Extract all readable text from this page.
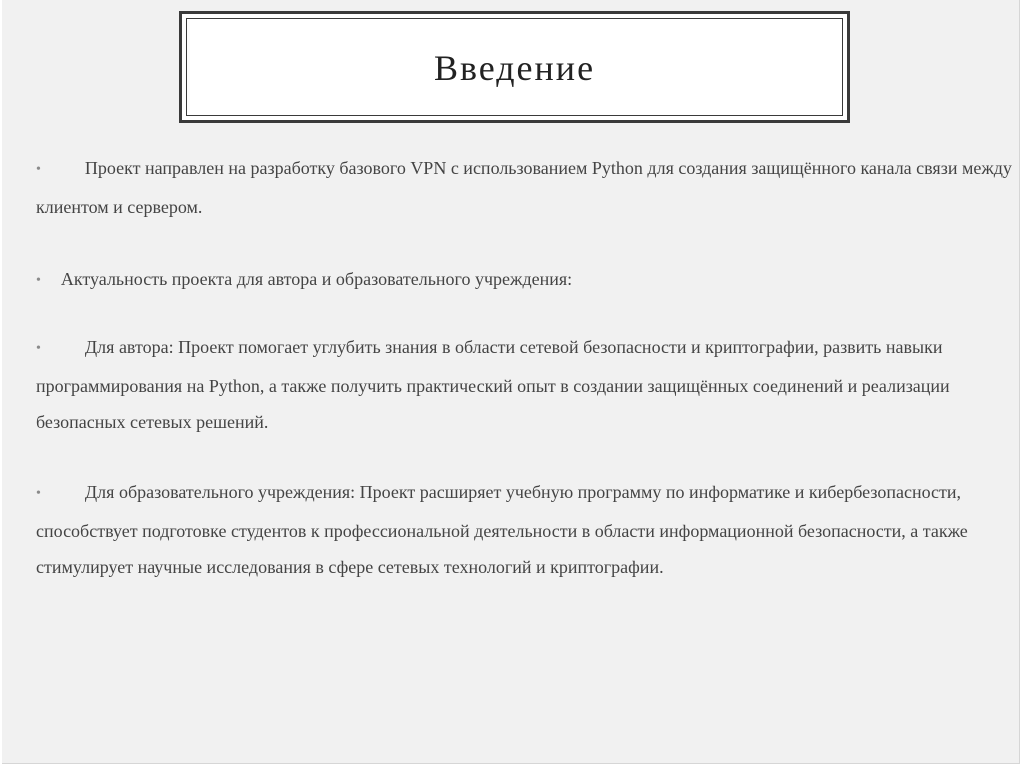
Введение

• Проект направлен на разработку базового VPN с использованием Python для создания защищённого канала связи между клиентом и сервером.

• Актуальность проекта для автора и образовательного учреждения:

• Для автора: Проект помогает углубить знания в области сетевой безопасности и криптографии, развить навыки программирования на Python, а также получить практический опыт в создании защищённых соединений и реализации безопасных сетевых решений.

• Для образовательного учреждения: Проект расширяет учебную программу по информатике и кибербезопасности, способствует подготовке студентов к профессиональной деятельности в области информационной безопасности, а также стимулирует научные исследования в сфере сетевых технологий и криптографии.
